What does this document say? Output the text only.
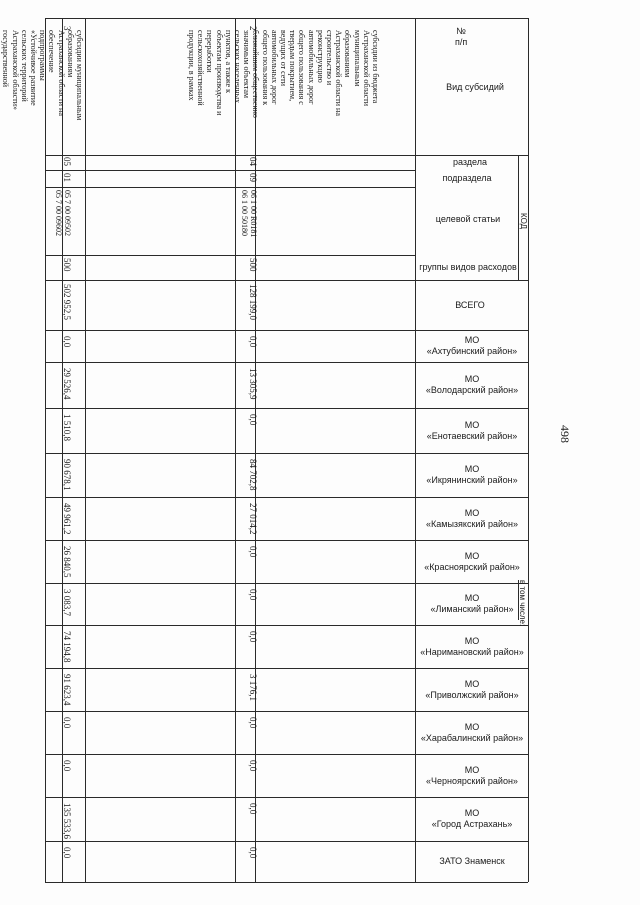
498
№
п/п
Вид субсидий
раздела
подраздела
целевой статьи
группы видов расходов
КОД
ВСЕГО
в том числе:
МО
«Ахтубинский район»
МО
«Володарский район»
МО
«Енотаевский район»
МО
«Икрянинский район»
МО
«Камызякский район»
МО
«Красноярский район»
МО
«Лиманский район»
МО
«Наримановский район»
МО
«Приволжский район»
МО
«Харабалинский район»
МО
«Черноярский район»
МО
«Город Астрахань»
ЗАТО Знаменск
2
субсидии из бюджета
Астраханской области
муниципальным
образованиям
Астраханской области на
строительство и
реконструкцию
автомобильных дорог
общего пользования с
твердым покрытием,
ведущих от сети
автомобильных дорог
общего пользования к
ближайшим общественно
значимым объектам
сельских населенных
пунктов, а также к
объектам производства и
переработки
сельскохозяйственной
продукции, в рамках
04
09
06 1 00 R0181
06 1 00 50180
500
128 199,0
0,0
13 305,9
0,0
84 702,8
27 014,2
0,0
0,0
0,0
3 176,1
0,0
0,0
0,0
0,0
3
субсидии муниципальным
образованиям
Астраханской области на
обеспечение
подпрограммы
«Устойчивое развитие
сельских территорий
Астраханской области»
государственной

05
01
05 7 00 09502
05 7 00 09602
500
502 952,5
0,0
29 526,4
1 510,8
90 678,1
49 961,2
26 840,5
3 083,7
74 194,8
91 623,4
0,0
0,0
135 533,6
0,0
